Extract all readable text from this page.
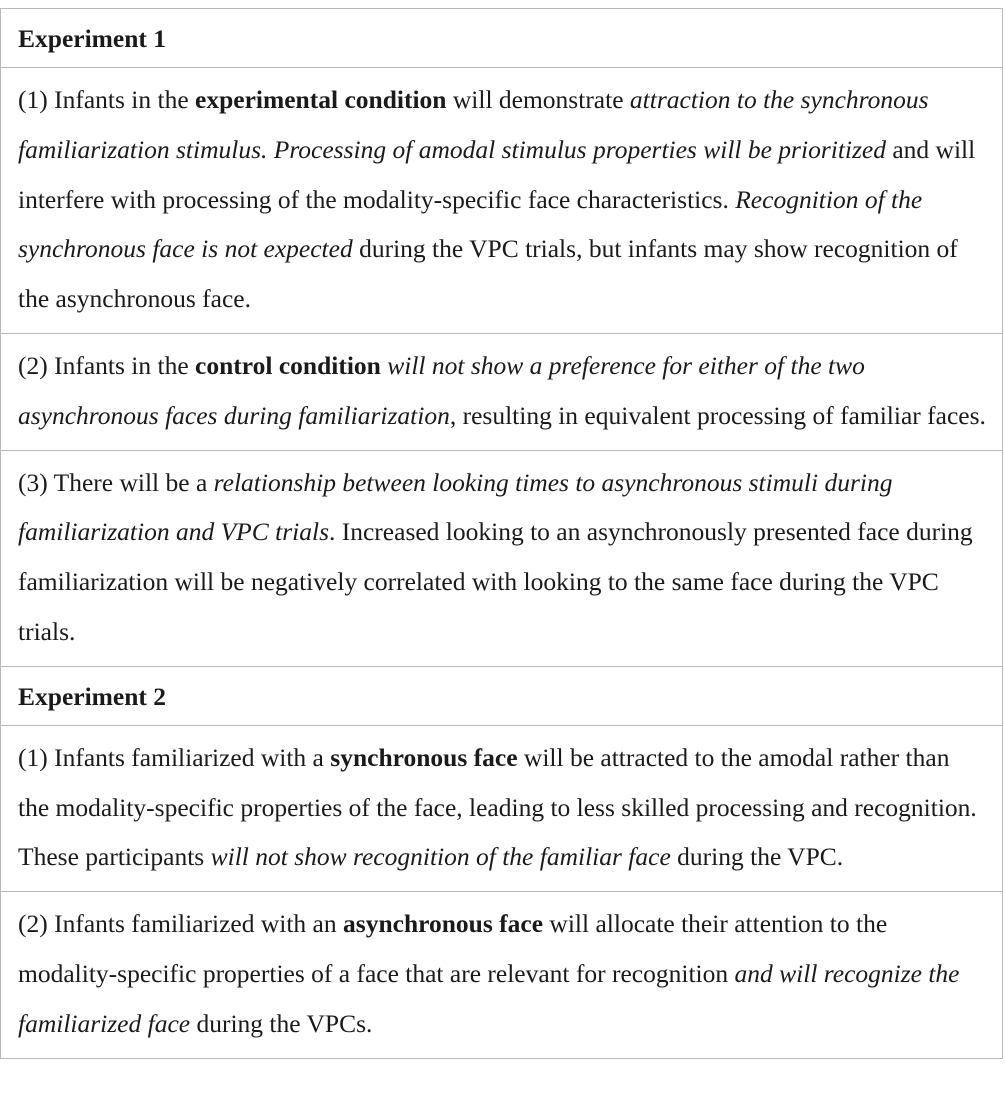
Experiment 1
(1) Infants in the experimental condition will demonstrate attraction to the synchronous familiarization stimulus. Processing of amodal stimulus properties will be prioritized and will interfere with processing of the modality-specific face characteristics. Recognition of the synchronous face is not expected during the VPC trials, but infants may show recognition of the asynchronous face.
(2) Infants in the control condition will not show a preference for either of the two asynchronous faces during familiarization, resulting in equivalent processing of familiar faces.
(3) There will be a relationship between looking times to asynchronous stimuli during familiarization and VPC trials. Increased looking to an asynchronously presented face during familiarization will be negatively correlated with looking to the same face during the VPC trials.
Experiment 2
(1) Infants familiarized with a synchronous face will be attracted to the amodal rather than the modality-specific properties of the face, leading to less skilled processing and recognition. These participants will not show recognition of the familiar face during the VPC.
(2) Infants familiarized with an asynchronous face will allocate their attention to the modality-specific properties of a face that are relevant for recognition and will recognize the familiarized face during the VPCs.
